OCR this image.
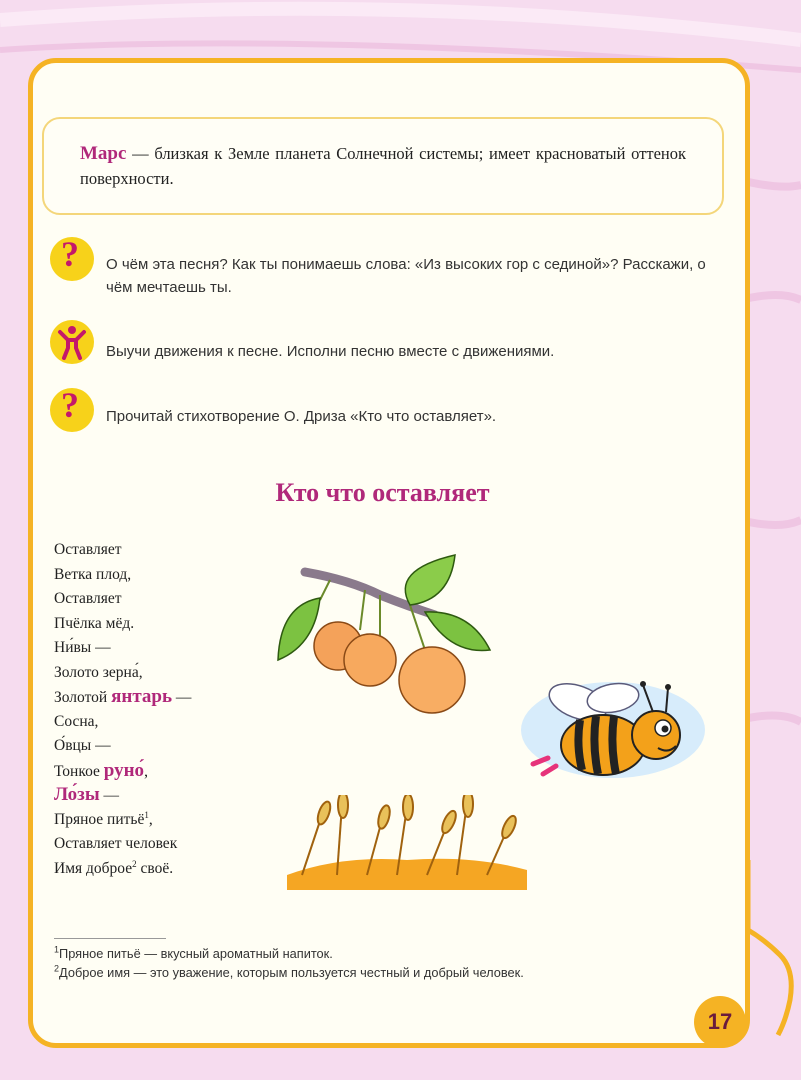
Марс — близкая к Земле планета Солнечной системы; имеет красноватый оттенок поверхности.
?	О чём эта песня? Как ты понимаешь слова: «Из высоких гор с сединой»? Расскажи, о чём мечтаешь ты.
Выучи движения к песне. Исполни песню вместе с движениями.
?	Прочитай стихотворение О. Дриза «Кто что оставляет».
Кто что оставляет
Оставляет
Ветка плод,
Оставляет
Пчёлка мёд.
Ни́вы —
Золото зерна́,
Золотой янтарь —
Сосна,
О́вцы —
Тонкое руно́,
Ло́зы —
Пряное питьё$^1$,
Оставляет человек
Имя доброе$^2$ своё.
$^1$Пряное питьё — вкусный ароматный напиток.
$^2$Доброе имя — это уважение, которым пользуется честный и добрый человек.
17
